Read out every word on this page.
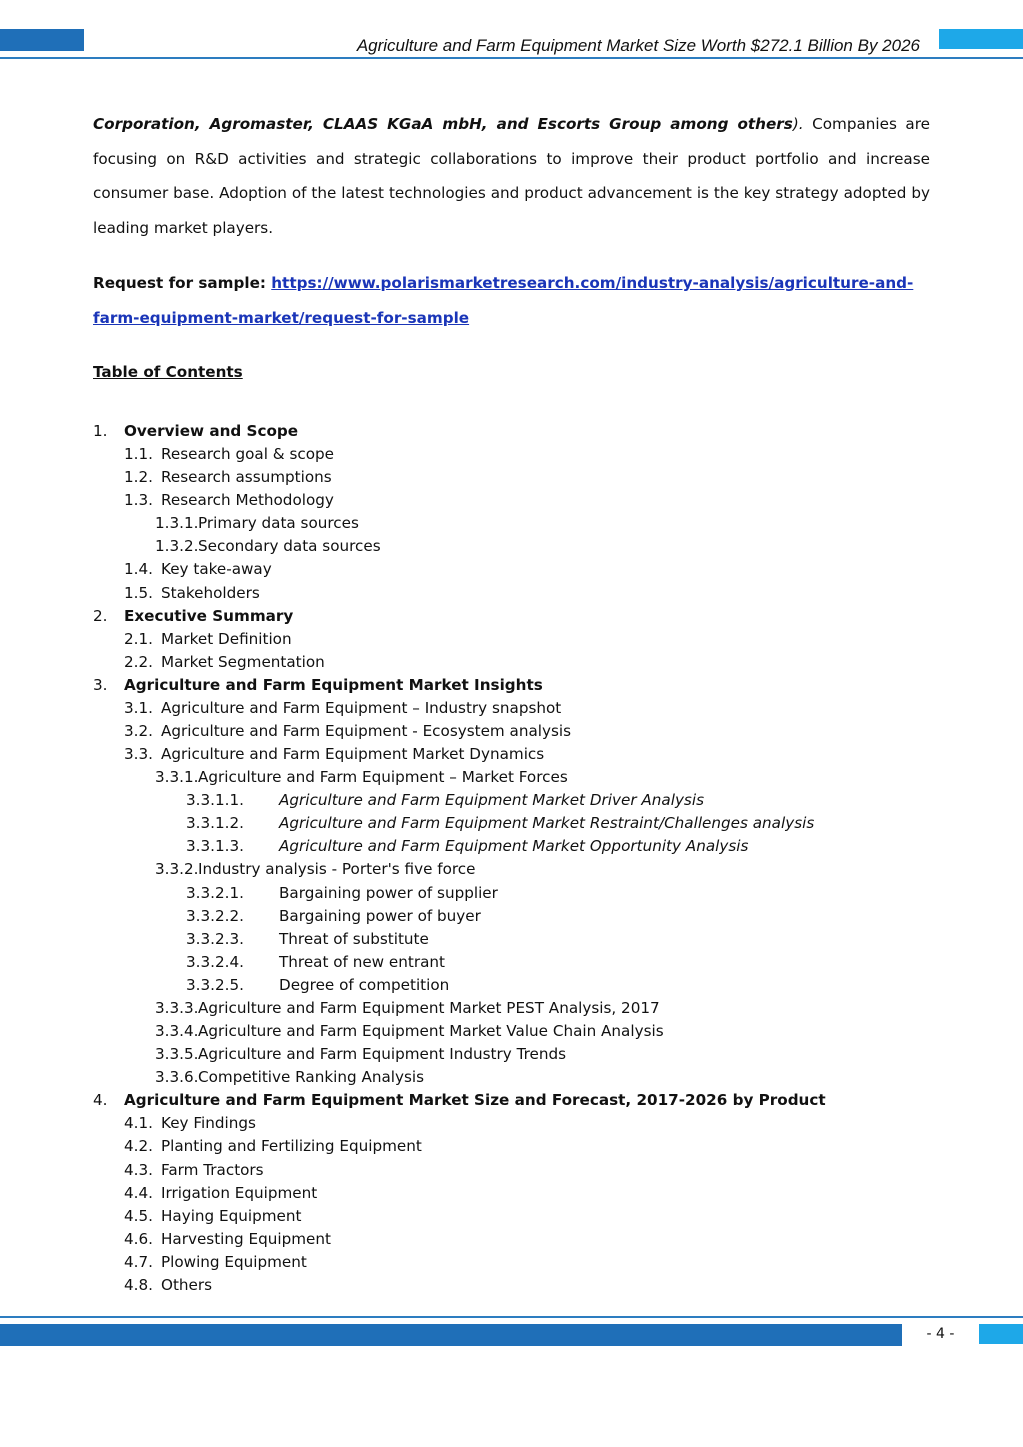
Agriculture and Farm Equipment Market Size Worth $272.1 Billion By 2026
Corporation, Agromaster, CLAAS KGaA mbH, and Escorts Group among others). Companies are focusing on R&D activities and strategic collaborations to improve their product portfolio and increase consumer base. Adoption of the latest technologies and product advancement is the key strategy adopted by leading market players.
Request for sample: https://www.polarismarketresearch.com/industry-analysis/agriculture-and-farm-equipment-market/request-for-sample
Table of Contents
1. Overview and Scope
1.1. Research goal & scope
1.2. Research assumptions
1.3. Research Methodology
1.3.1. Primary data sources
1.3.2. Secondary data sources
1.4. Key take-away
1.5. Stakeholders
2. Executive Summary
2.1. Market Definition
2.2. Market Segmentation
3. Agriculture and Farm Equipment Market Insights
3.1. Agriculture and Farm Equipment – Industry snapshot
3.2. Agriculture and Farm Equipment - Ecosystem analysis
3.3. Agriculture and Farm Equipment Market Dynamics
3.3.1. Agriculture and Farm Equipment – Market Forces
3.3.1.1. Agriculture and Farm Equipment Market Driver Analysis
3.3.1.2. Agriculture and Farm Equipment Market Restraint/Challenges analysis
3.3.1.3. Agriculture and Farm Equipment Market Opportunity Analysis
3.3.2. Industry analysis - Porter's five force
3.3.2.1. Bargaining power of supplier
3.3.2.2. Bargaining power of buyer
3.3.2.3. Threat of substitute
3.3.2.4. Threat of new entrant
3.3.2.5. Degree of competition
3.3.3. Agriculture and Farm Equipment Market PEST Analysis, 2017
3.3.4. Agriculture and Farm Equipment Market Value Chain Analysis
3.3.5. Agriculture and Farm Equipment Industry Trends
3.3.6. Competitive Ranking Analysis
4. Agriculture and Farm Equipment Market Size and Forecast, 2017-2026 by Product
4.1. Key Findings
4.2. Planting and Fertilizing Equipment
4.3. Farm Tractors
4.4. Irrigation Equipment
4.5. Haying Equipment
4.6. Harvesting Equipment
4.7. Plowing Equipment
4.8. Others
- 4 -
